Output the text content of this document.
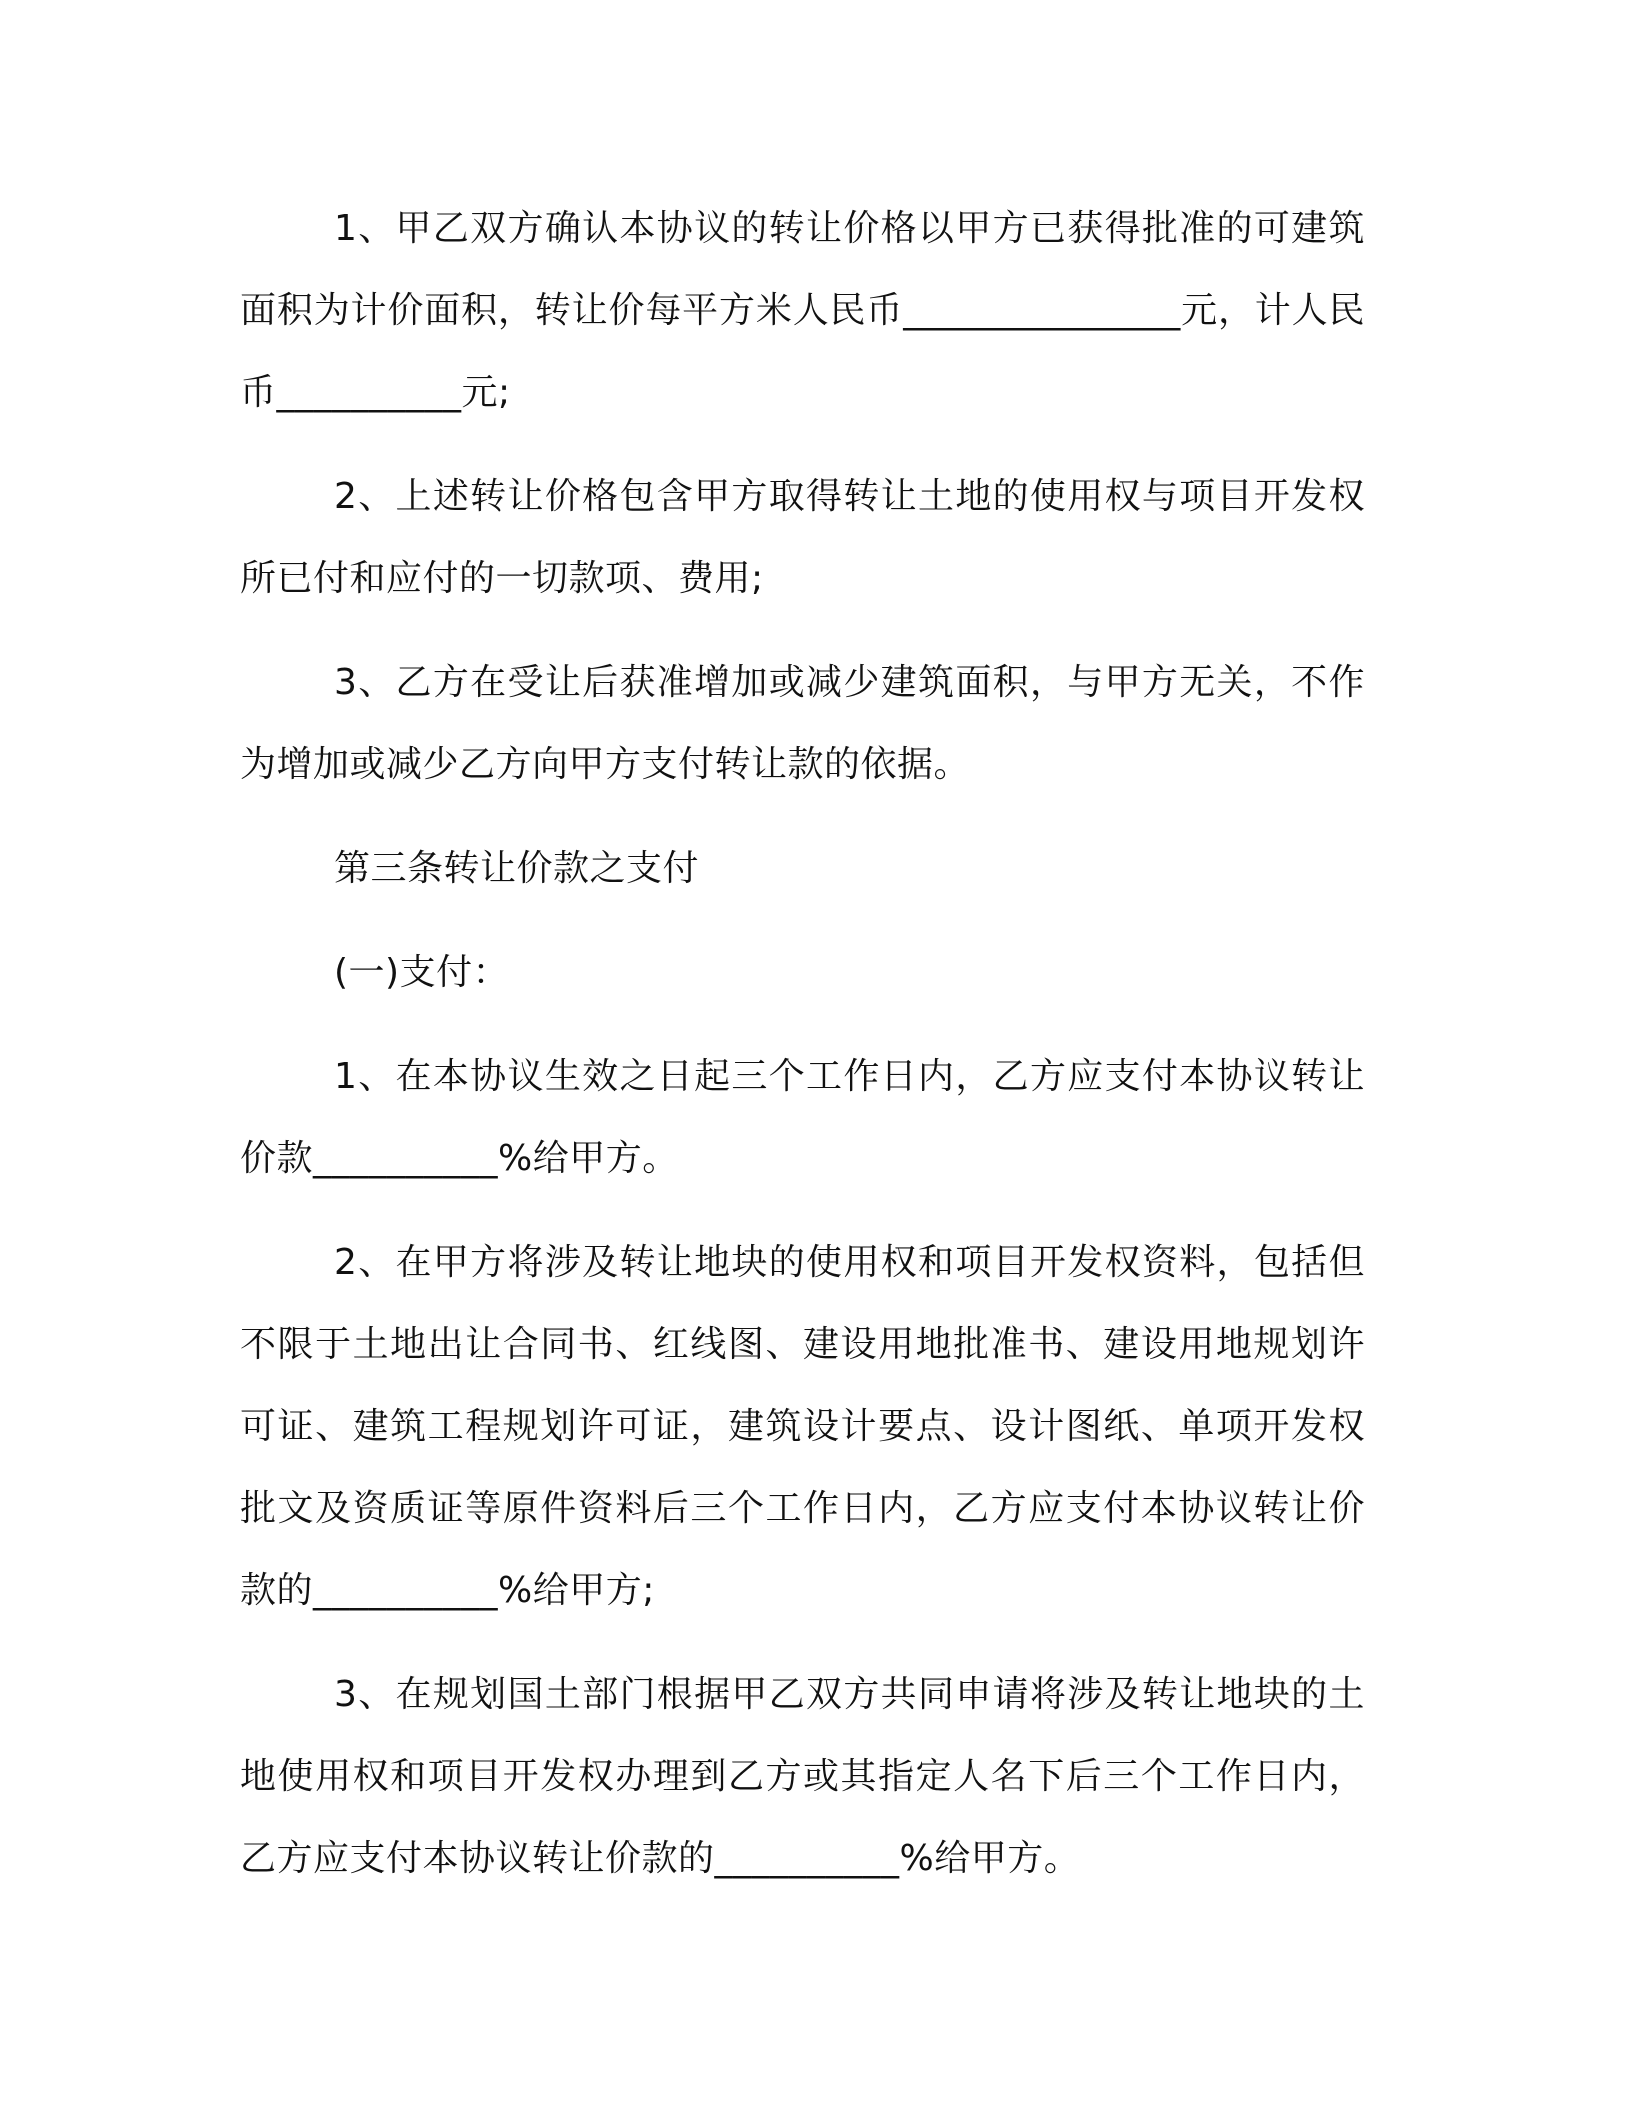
1、甲乙双方确认本协议的转让价格以甲方已获得批准的可建筑面积为计价面积，转让价每平方米人民币_______________元，计人民币__________元;

2、上述转让价格包含甲方取得转让土地的使用权与项目开发权所已付和应付的一切款项、费用;

3、乙方在受让后获准增加或减少建筑面积，与甲方无关，不作为增加或减少乙方向甲方支付转让款的依据。

第三条转让价款之支付

(一)支付：

1、在本协议生效之日起三个工作日内，乙方应支付本协议转让价款__________%给甲方。

2、在甲方将涉及转让地块的使用权和项目开发权资料，包括但不限于土地出让合同书、红线图、建设用地批准书、建设用地规划许可证、建筑工程规划许可证，建筑设计要点、设计图纸、单项开发权批文及资质证等原件资料后三个工作日内，乙方应支付本协议转让价款的__________%给甲方;

3、在规划国土部门根据甲乙双方共同申请将涉及转让地块的土地使用权和项目开发权办理到乙方或其指定人名下后三个工作日内，乙方应支付本协议转让价款的__________%给甲方。
